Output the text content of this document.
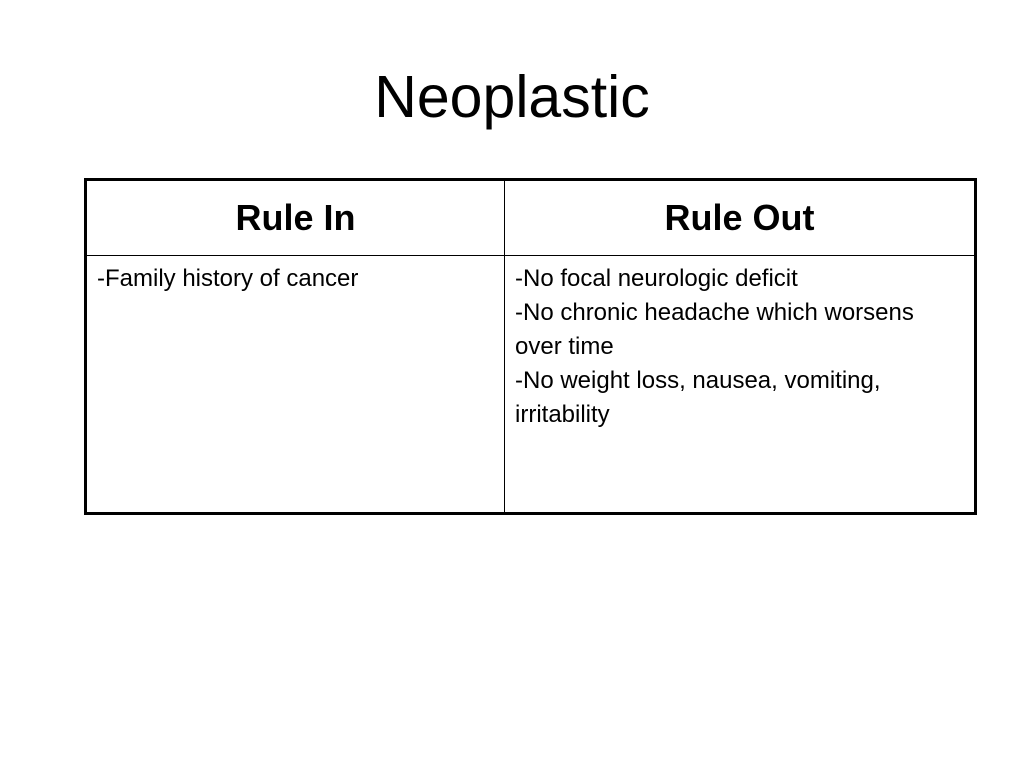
Neoplastic
Rule In	Rule Out

-Family history of cancer	-No focal neurologic deficit
-No chronic headache which worsens over time
-No weight loss, nausea, vomiting, irritability
